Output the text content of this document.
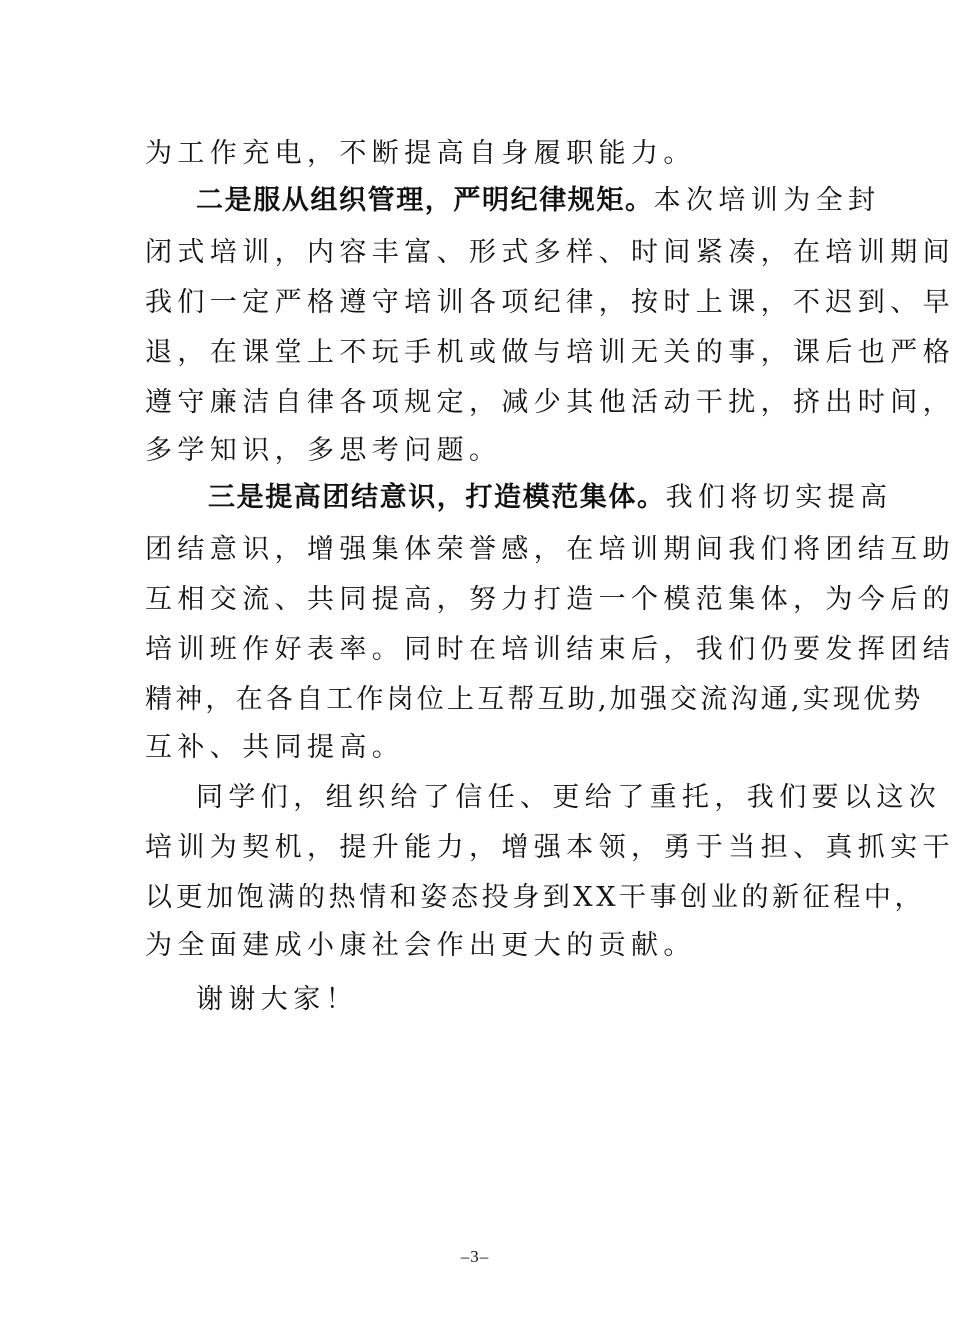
为工作充电，不断提高自身履职能力。
二是服从组织管理，严明纪律规矩。本次培训为全封
闭式培训，内容丰富、形式多样、时间紧凑，在培训期间
我们一定严格遵守培训各项纪律，按时上课，不迟到、早
退，在课堂上不玩手机或做与培训无关的事，课后也严格
遵守廉洁自律各项规定，减少其他活动干扰，挤出时间，
多学知识，多思考问题。
三是提高团结意识，打造模范集体。我们将切实提高
团结意识，增强集体荣誉感，在培训期间我们将团结互助
互相交流、共同提高，努力打造一个模范集体，为今后的
培训班作好表率。同时在培训结束后，我们仍要发挥团结
精神，在各自工作岗位上互帮互助,加强交流沟通,实现优势
互补、共同提高。
同学们，组织给了信任、更给了重托，我们要以这次
培训为契机，提升能力，增强本领，勇于当担、真抓实干
以更加饱满的热情和姿态投身到XX干事创业的新征程中，
为全面建成小康社会作出更大的贡献。
谢谢大家！
–3–
